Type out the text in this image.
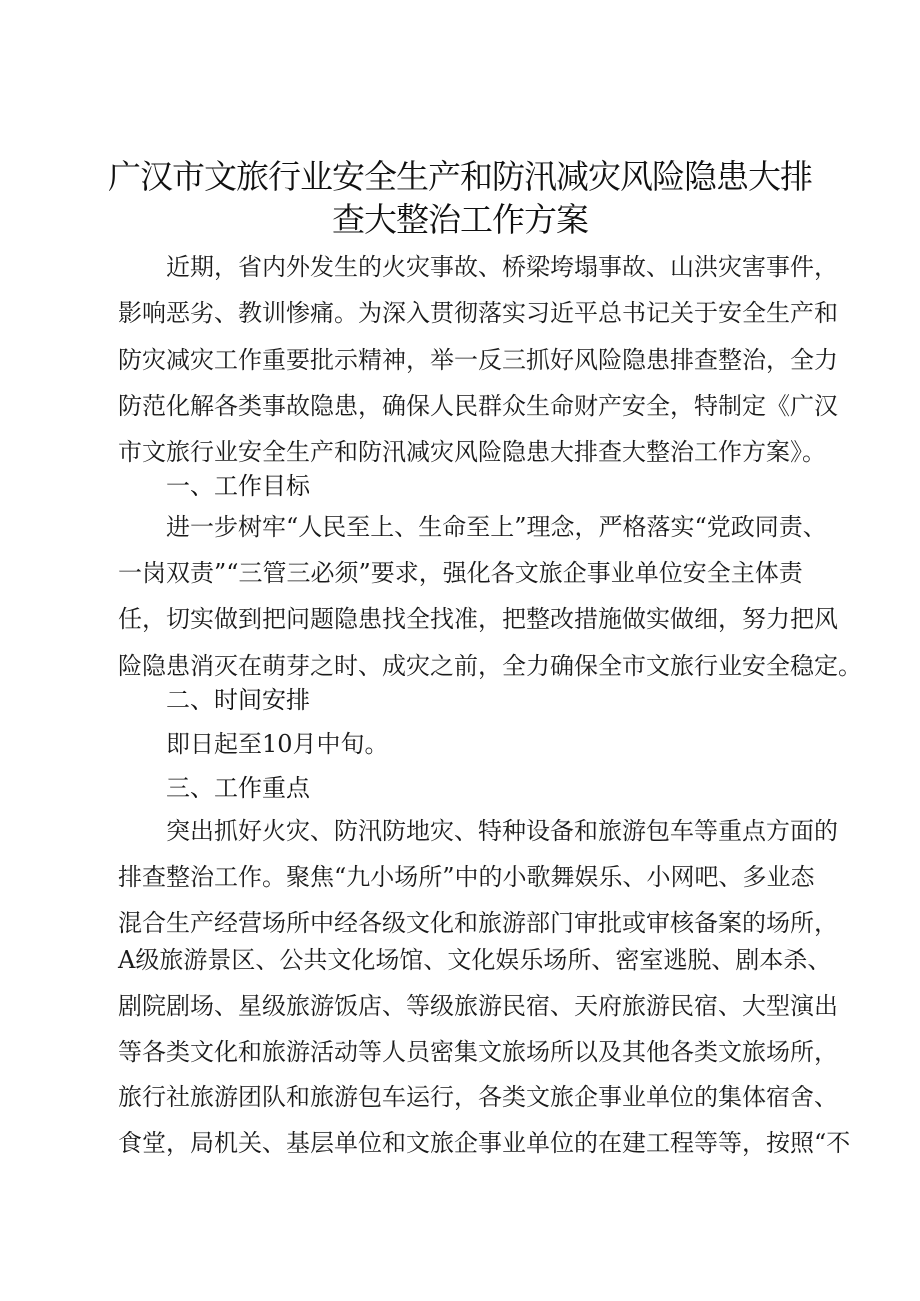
广汉市文旅行业安全生产和防汛减灾风险隐患大排
查大整治工作方案
近期，省内外发生的火灾事故、桥梁垮塌事故、山洪灾害事件，
影响恶劣、教训惨痛。为深入贯彻落实习近平总书记关于安全生产和
防灾减灾工作重要批示精神，举一反三抓好风险隐患排查整治，全力
防范化解各类事故隐患，确保人民群众生命财产安全，特制定《广汉
市文旅行业安全生产和防汛减灾风险隐患大排查大整治工作方案》。
一、工作目标
进一步树牢“人民至上、生命至上”理念，严格落实“党政同责、
一岗双责”“三管三必须”要求，强化各文旅企事业单位安全主体责
任，切实做到把问题隐患找全找准，把整改措施做实做细，努力把风
险隐患消灭在萌芽之时、成灾之前，全力确保全市文旅行业安全稳定。
二、时间安排
即日起至10月中旬。
三、工作重点
突出抓好火灾、防汛防地灾、特种设备和旅游包车等重点方面的
排查整治工作。聚焦“九小场所”中的小歌舞娱乐、小网吧、多业态
混合生产经营场所中经各级文化和旅游部门审批或审核备案的场所，
A级旅游景区、公共文化场馆、文化娱乐场所、密室逃脱、剧本杀、
剧院剧场、星级旅游饭店、等级旅游民宿、天府旅游民宿、大型演出
等各类文化和旅游活动等人员密集文旅场所以及其他各类文旅场所，
旅行社旅游团队和旅游包车运行，各类文旅企事业单位的集体宿舍、
食堂，局机关、基层单位和文旅企事业单位的在建工程等等，按照“不
